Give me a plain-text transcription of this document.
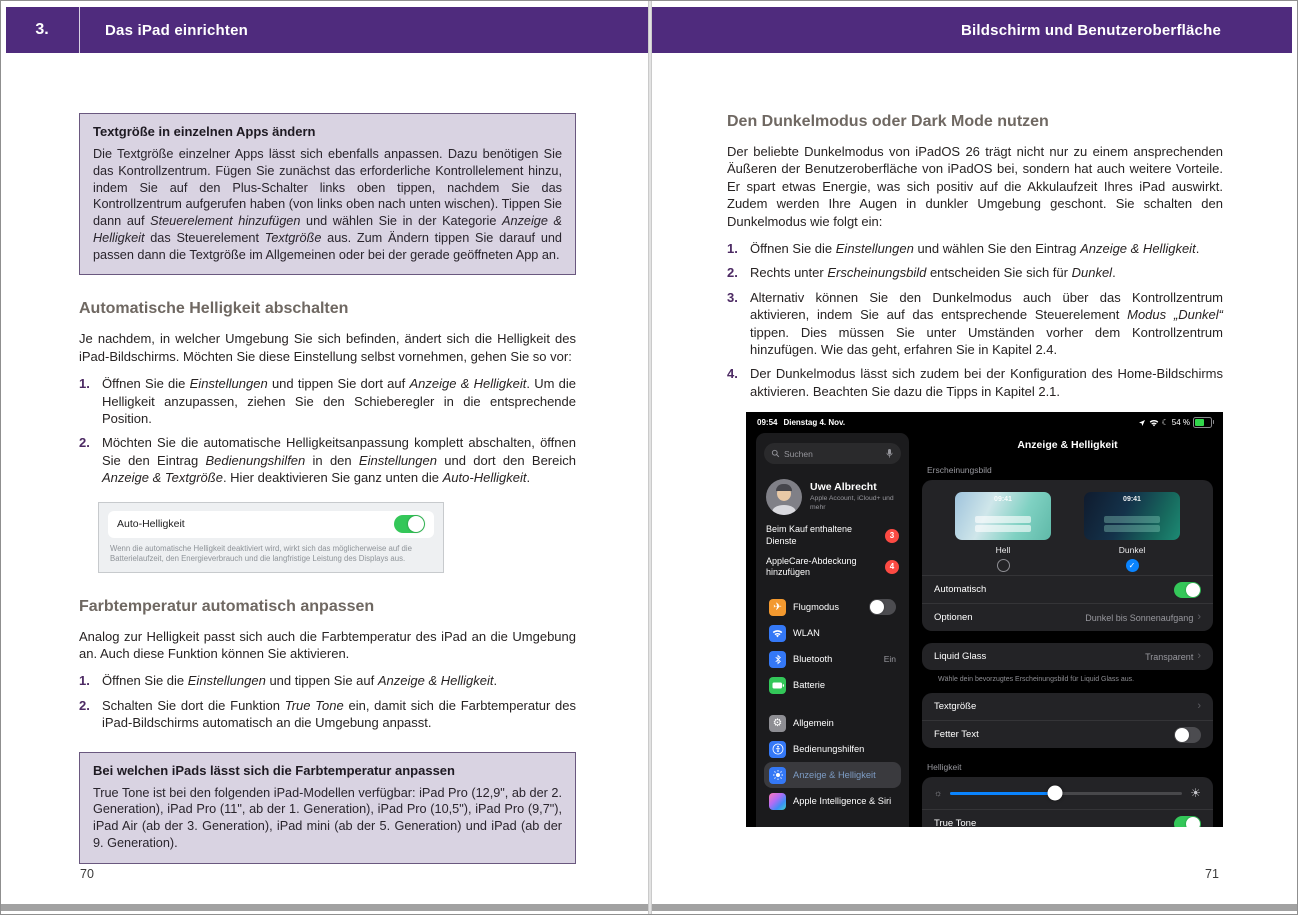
3.	Das iPad einrichten	Bildschirm und Benutzeroberfläche
Textgröße in einzelnen Apps ändern
Die Textgröße einzelner Apps lässt sich ebenfalls anpassen. Dazu benötigen Sie das Kontrollzentrum. Fügen Sie zunächst das erforderliche Kontrollelement hinzu, indem Sie auf den Plus-Schalter links oben tippen, nachdem Sie das Kontrollzentrum aufgerufen haben (von links oben nach unten wischen). Tippen Sie dann auf Steuerelement hinzufügen und wählen Sie in der Kategorie Anzeige & Helligkeit das Steuerelement Textgröße aus. Zum Ändern tippen Sie darauf und passen dann die Textgröße im Allgemeinen oder bei der gerade geöffneten App an.
Automatische Helligkeit abschalten

Je nachdem, in welcher Umgebung Sie sich befinden, ändert sich die Helligkeit des iPad-Bildschirms. Möchten Sie diese Einstellung selbst vornehmen, gehen Sie so vor:

1. Öffnen Sie die Einstellungen und tippen Sie dort auf Anzeige & Helligkeit. Um die Helligkeit anzupassen, ziehen Sie den Schieberegler in die entsprechende Position.
2. Möchten Sie die automatische Helligkeitsanpassung komplett abschalten, öffnen Sie den Eintrag Bedienungshilfen in den Einstellungen und dort den Bereich Anzeige & Textgröße. Hier deaktivieren Sie ganz unten die Auto-Helligkeit.
Auto-Helligkeit
Wenn die automatische Helligkeit deaktiviert wird, wirkt sich das möglicherweise auf die Batterielaufzeit, den Energieverbrauch und die langfristige Leistung des Displays aus.
Farbtemperatur automatisch anpassen

Analog zur Helligkeit passt sich auch die Farbtemperatur des iPad an die Umgebung an. Auch diese Funktion können Sie aktivieren.

1. Öffnen Sie die Einstellungen und tippen Sie auf Anzeige & Helligkeit.
2. Schalten Sie dort die Funktion True Tone ein, damit sich die Farbtemperatur des iPad-Bildschirms automatisch an die Umgebung anpasst.
Bei welchen iPads lässt sich die Farbtemperatur anpassen
True Tone ist bei den folgenden iPad-Modellen verfügbar: iPad Pro (12,9", ab der 2. Generation), iPad Pro (11", ab der 1. Generation), iPad Pro (10,5"), iPad Pro (9,7"), iPad Air (ab der 3. Generation), iPad mini (ab der 5. Generation) und iPad (ab der 9. Generation).
Den Dunkelmodus oder Dark Mode nutzen

Der beliebte Dunkelmodus von iPadOS 26 trägt nicht nur zu einem ansprechenden Äußeren der Benutzeroberfläche von iPadOS bei, sondern hat auch weitere Vorteile. Er spart etwas Energie, was sich positiv auf die Akkulaufzeit Ihres iPad auswirkt. Zudem werden Ihre Augen in dunkler Umgebung geschont. Sie schalten den Dunkelmodus wie folgt ein:

1. Öffnen Sie die Einstellungen und wählen Sie den Eintrag Anzeige & Helligkeit.
2. Rechts unter Erscheinungsbild entscheiden Sie sich für Dunkel.
3. Alternativ können Sie den Dunkelmodus auch über das Kontrollzentrum aktivieren, indem Sie auf das entsprechende Steuerelement Modus „Dunkel“ tippen. Dies müssen Sie unter Umständen vorher dem Kontrollzentrum hinzufügen. Wie das geht, erfahren Sie in Kapitel 2.4.
4. Der Dunkelmodus lässt sich zudem bei der Konfiguration des Home-Bildschirms aktivieren. Beachten Sie dazu die Tipps in Kapitel 2.1.
09:54 Dienstag 4. Nov.	☾ 54 %
Suchen
Uwe Albrecht
Apple Account, iCloud+ und mehr
Beim Kauf enthaltene Dienste
3
AppleCare-Abdeckung hinzufügen
4
✈	Flugmodus
WLAN
Bluetooth	Ein
Batterie
⚙	Allgemein
Bedienungshilfen
Anzeige & Helligkeit
Apple Intelligence & Siri
Anzeige & Helligkeit
Erscheinungsbild
09:41
Hell
09:41
Dunkel
✓
Automatisch
Optionen	Dunkel bis Sonnenaufgang ›
Liquid Glass	Transparent ›
Wähle dein bevorzugtes Erscheinungsbild für Liquid Glass aus.
Textgröße	›
Fetter Text
Helligkeit
☼	☀
True Tone
70	71
